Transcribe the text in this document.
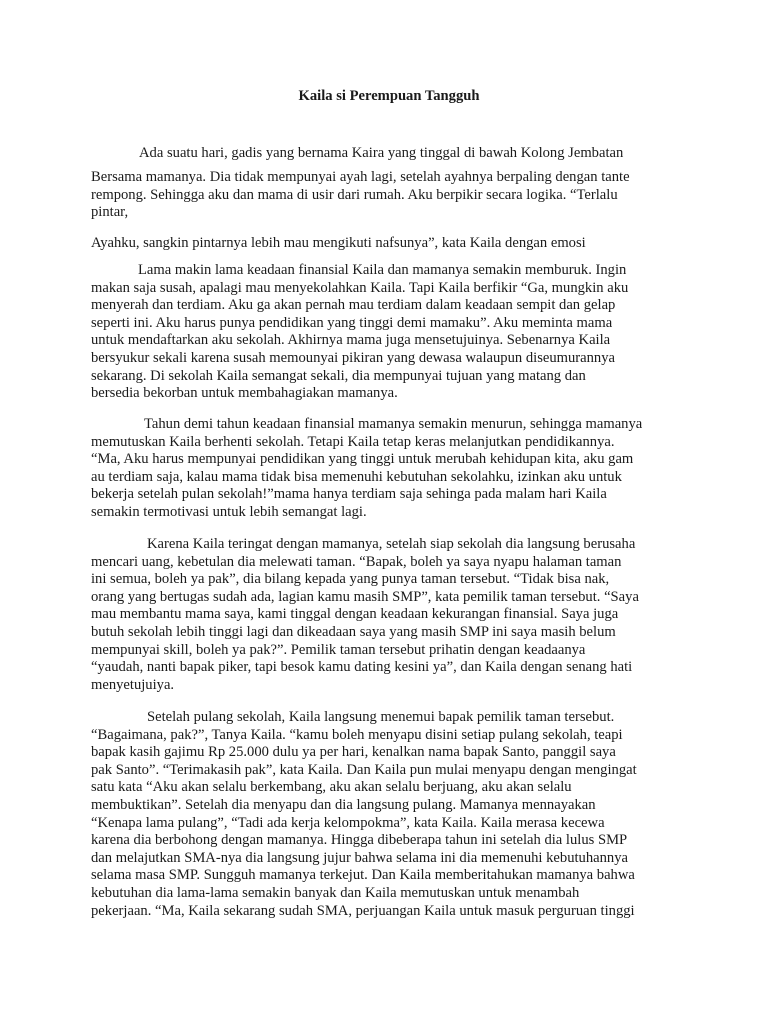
Kaila si Perempuan Tangguh
Ada suatu hari, gadis yang bernama Kaira yang tinggal di bawah Kolong Jembatan
Bersama mamanya. Dia tidak mempunyai ayah lagi, setelah ayahnya berpaling dengan tante
rempong. Sehingga aku dan mama di usir dari rumah. Aku berpikir secara logika. “Terlalu
pintar,
Ayahku, sangkin pintarnya lebih mau mengikuti nafsunya”, kata Kaila dengan emosi
Lama makin lama keadaan finansial Kaila dan mamanya semakin memburuk. Ingin
makan saja susah, apalagi mau menyekolahkan Kaila. Tapi Kaila berfikir “Ga, mungkin aku
menyerah dan terdiam. Aku ga akan pernah mau terdiam dalam keadaan sempit dan gelap
seperti ini. Aku harus punya pendidikan yang tinggi demi mamaku”. Aku meminta mama
untuk mendaftarkan aku sekolah. Akhirnya mama juga mensetujuinya. Sebenarnya Kaila
bersyukur sekali karena susah memounyai pikiran yang dewasa walaupun diseumurannya
sekarang. Di sekolah Kaila semangat sekali, dia mempunyai tujuan yang matang dan
bersedia bekorban untuk membahagiakan mamanya.
Tahun demi tahun keadaan finansial mamanya semakin menurun, sehingga mamanya
memutuskan Kaila berhenti sekolah. Tetapi Kaila tetap keras melanjutkan pendidikannya.
“Ma, Aku harus mempunyai pendidikan yang tinggi untuk merubah kehidupan kita, aku gam
au terdiam saja, kalau mama tidak bisa memenuhi kebutuhan sekolahku, izinkan aku untuk
bekerja setelah pulan sekolah!”mama hanya terdiam saja sehinga pada malam hari Kaila
semakin termotivasi untuk lebih semangat lagi.
Karena Kaila teringat dengan mamanya, setelah siap sekolah dia langsung berusaha
mencari uang, kebetulan dia melewati taman. “Bapak, boleh ya saya nyapu halaman taman
ini semua, boleh ya pak”, dia bilang kepada yang punya taman tersebut. “Tidak bisa nak,
orang yang bertugas sudah ada, lagian kamu masih SMP”, kata pemilik taman tersebut. “Saya
mau membantu mama saya, kami tinggal dengan keadaan kekurangan finansial. Saya juga
butuh sekolah lebih tinggi lagi dan dikeadaan saya yang masih SMP ini saya masih belum
mempunyai skill, boleh ya pak?”. Pemilik taman tersebut prihatin dengan keadaanya
“yaudah, nanti bapak piker, tapi besok kamu dating kesini ya”, dan Kaila dengan senang hati
menyetujuiya.
Setelah pulang sekolah, Kaila langsung menemui bapak pemilik taman tersebut.
“Bagaimana, pak?”, Tanya Kaila. “kamu boleh menyapu disini setiap pulang sekolah, teapi
bapak kasih gajimu Rp 25.000 dulu ya per hari, kenalkan nama bapak Santo, panggil saya
pak Santo”. “Terimakasih pak”, kata Kaila. Dan Kaila pun mulai menyapu dengan mengingat
satu kata “Aku akan selalu berkembang, aku akan selalu berjuang, aku akan selalu
membuktikan”. Setelah dia menyapu dan dia langsung pulang. Mamanya mennayakan
“Kenapa lama pulang”, “Tadi ada kerja kelompokma”, kata Kaila. Kaila merasa kecewa
karena dia berbohong dengan mamanya. Hingga dibeberapa tahun ini setelah dia lulus SMP
dan melajutkan SMA-nya dia langsung jujur bahwa selama ini dia memenuhi kebutuhannya
selama masa SMP. Sungguh mamanya terkejut. Dan Kaila memberitahukan mamanya bahwa
kebutuhan dia lama-lama semakin banyak dan Kaila memutuskan untuk menambah
pekerjaan. “Ma, Kaila sekarang sudah SMA, perjuangan Kaila untuk masuk perguruan tinggi
